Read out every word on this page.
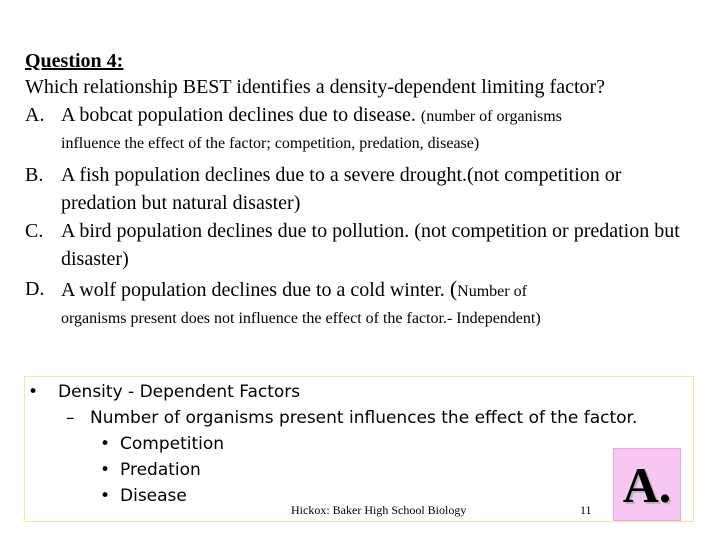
Question 4:
Which relationship BEST identifies a density-dependent limiting factor?
A. A bobcat population declines due to disease. (number of organisms
influence the effect of the factor; competition, predation, disease)
B. A fish population declines due to a severe drought.(not competition or predation but natural disaster)
C. A bird population declines due to pollution. (not competition or predation but disaster)
D. A wolf population declines due to a cold winter. (Number of
organisms present does not influence the effect of the factor.- Independent)
• Density - Dependent Factors
– Number of organisms present influences the effect of the factor.
• Competition
• Predation
• Disease
Hickox: Baker High School Biology	11 A.
